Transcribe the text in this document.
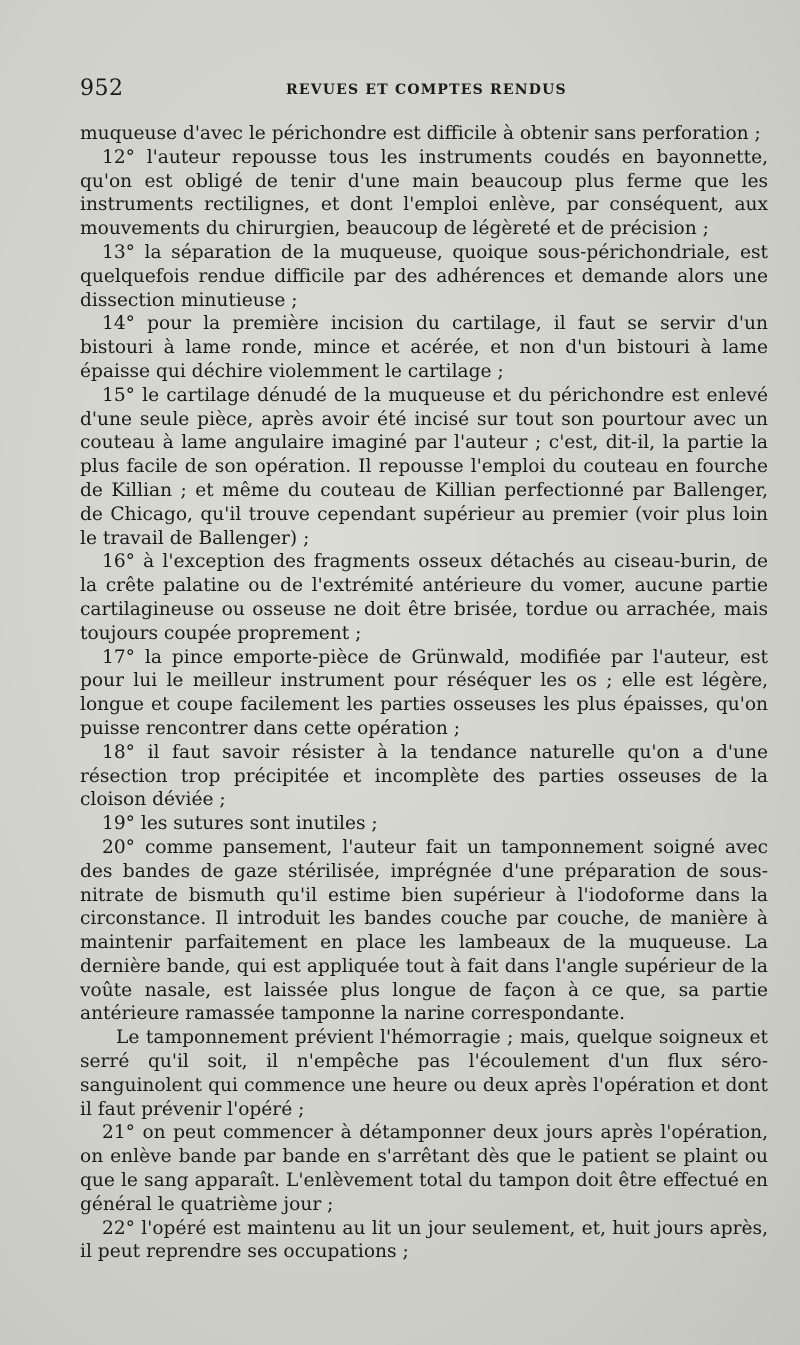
952	REVUES ET COMPTES RENDUS

muqueuse d'avec le périchondre est difficile à obtenir sans perforation ;

12° l'auteur repousse tous les instruments coudés en bayonnette, qu'on est obligé de tenir d'une main beaucoup plus ferme que les instruments rectilignes, et dont l'emploi enlève, par conséquent, aux mouvements du chirurgien, beaucoup de légèreté et de précision ;

13° la séparation de la muqueuse, quoique sous-périchondriale, est quelquefois rendue difficile par des adhérences et demande alors une dissection minutieuse ;

14° pour la première incision du cartilage, il faut se servir d'un bistouri à lame ronde, mince et acérée, et non d'un bistouri à lame épaisse qui déchire violemment le cartilage ;

15° le cartilage dénudé de la muqueuse et du périchondre est enlevé d'une seule pièce, après avoir été incisé sur tout son pourtour avec un couteau à lame angulaire imaginé par l'auteur ; c'est, dit-il, la partie la plus facile de son opération. Il repousse l'emploi du couteau en fourche de Killian ; et même du couteau de Killian perfectionné par Ballenger, de Chicago, qu'il trouve cependant supérieur au premier (voir plus loin le travail de Ballenger) ;

16° à l'exception des fragments osseux détachés au ciseau-burin, de la crête palatine ou de l'extrémité antérieure du vomer, aucune partie cartilagineuse ou osseuse ne doit être brisée, tordue ou arrachée, mais toujours coupée proprement ;

17° la pince emporte-pièce de Grünwald, modifiée par l'auteur, est pour lui le meilleur instrument pour réséquer les os ; elle est légère, longue et coupe facilement les parties osseuses les plus épaisses, qu'on puisse rencontrer dans cette opération ;

18° il faut savoir résister à la tendance naturelle qu'on a d'une résection trop précipitée et incomplète des parties osseuses de la cloison déviée ;

19° les sutures sont inutiles ;

20° comme pansement, l'auteur fait un tamponnement soigné avec des bandes de gaze stérilisée, imprégnée d'une préparation de sous-nitrate de bismuth qu'il estime bien supérieur à l'iodoforme dans la circonstance. Il introduit les bandes couche par couche, de manière à maintenir parfaitement en place les lambeaux de la muqueuse. La dernière bande, qui est appliquée tout à fait dans l'angle supérieur de la voûte nasale, est laissée plus longue de façon à ce que, sa partie antérieure ramassée tamponne la narine correspondante.

Le tamponnement prévient l'hémorragie ; mais, quelque soigneux et serré qu'il soit, il n'empêche pas l'écoulement d'un flux séro-sanguinolent qui commence une heure ou deux après l'opération et dont il faut prévenir l'opéré ;

21° on peut commencer à détamponner deux jours après l'opération, on enlève bande par bande en s'arrêtant dès que le patient se plaint ou que le sang apparaît. L'enlèvement total du tampon doit être effectué en général le quatrième jour ;

22° l'opéré est maintenu au lit un jour seulement, et, huit jours après, il peut reprendre ses occupations ;
